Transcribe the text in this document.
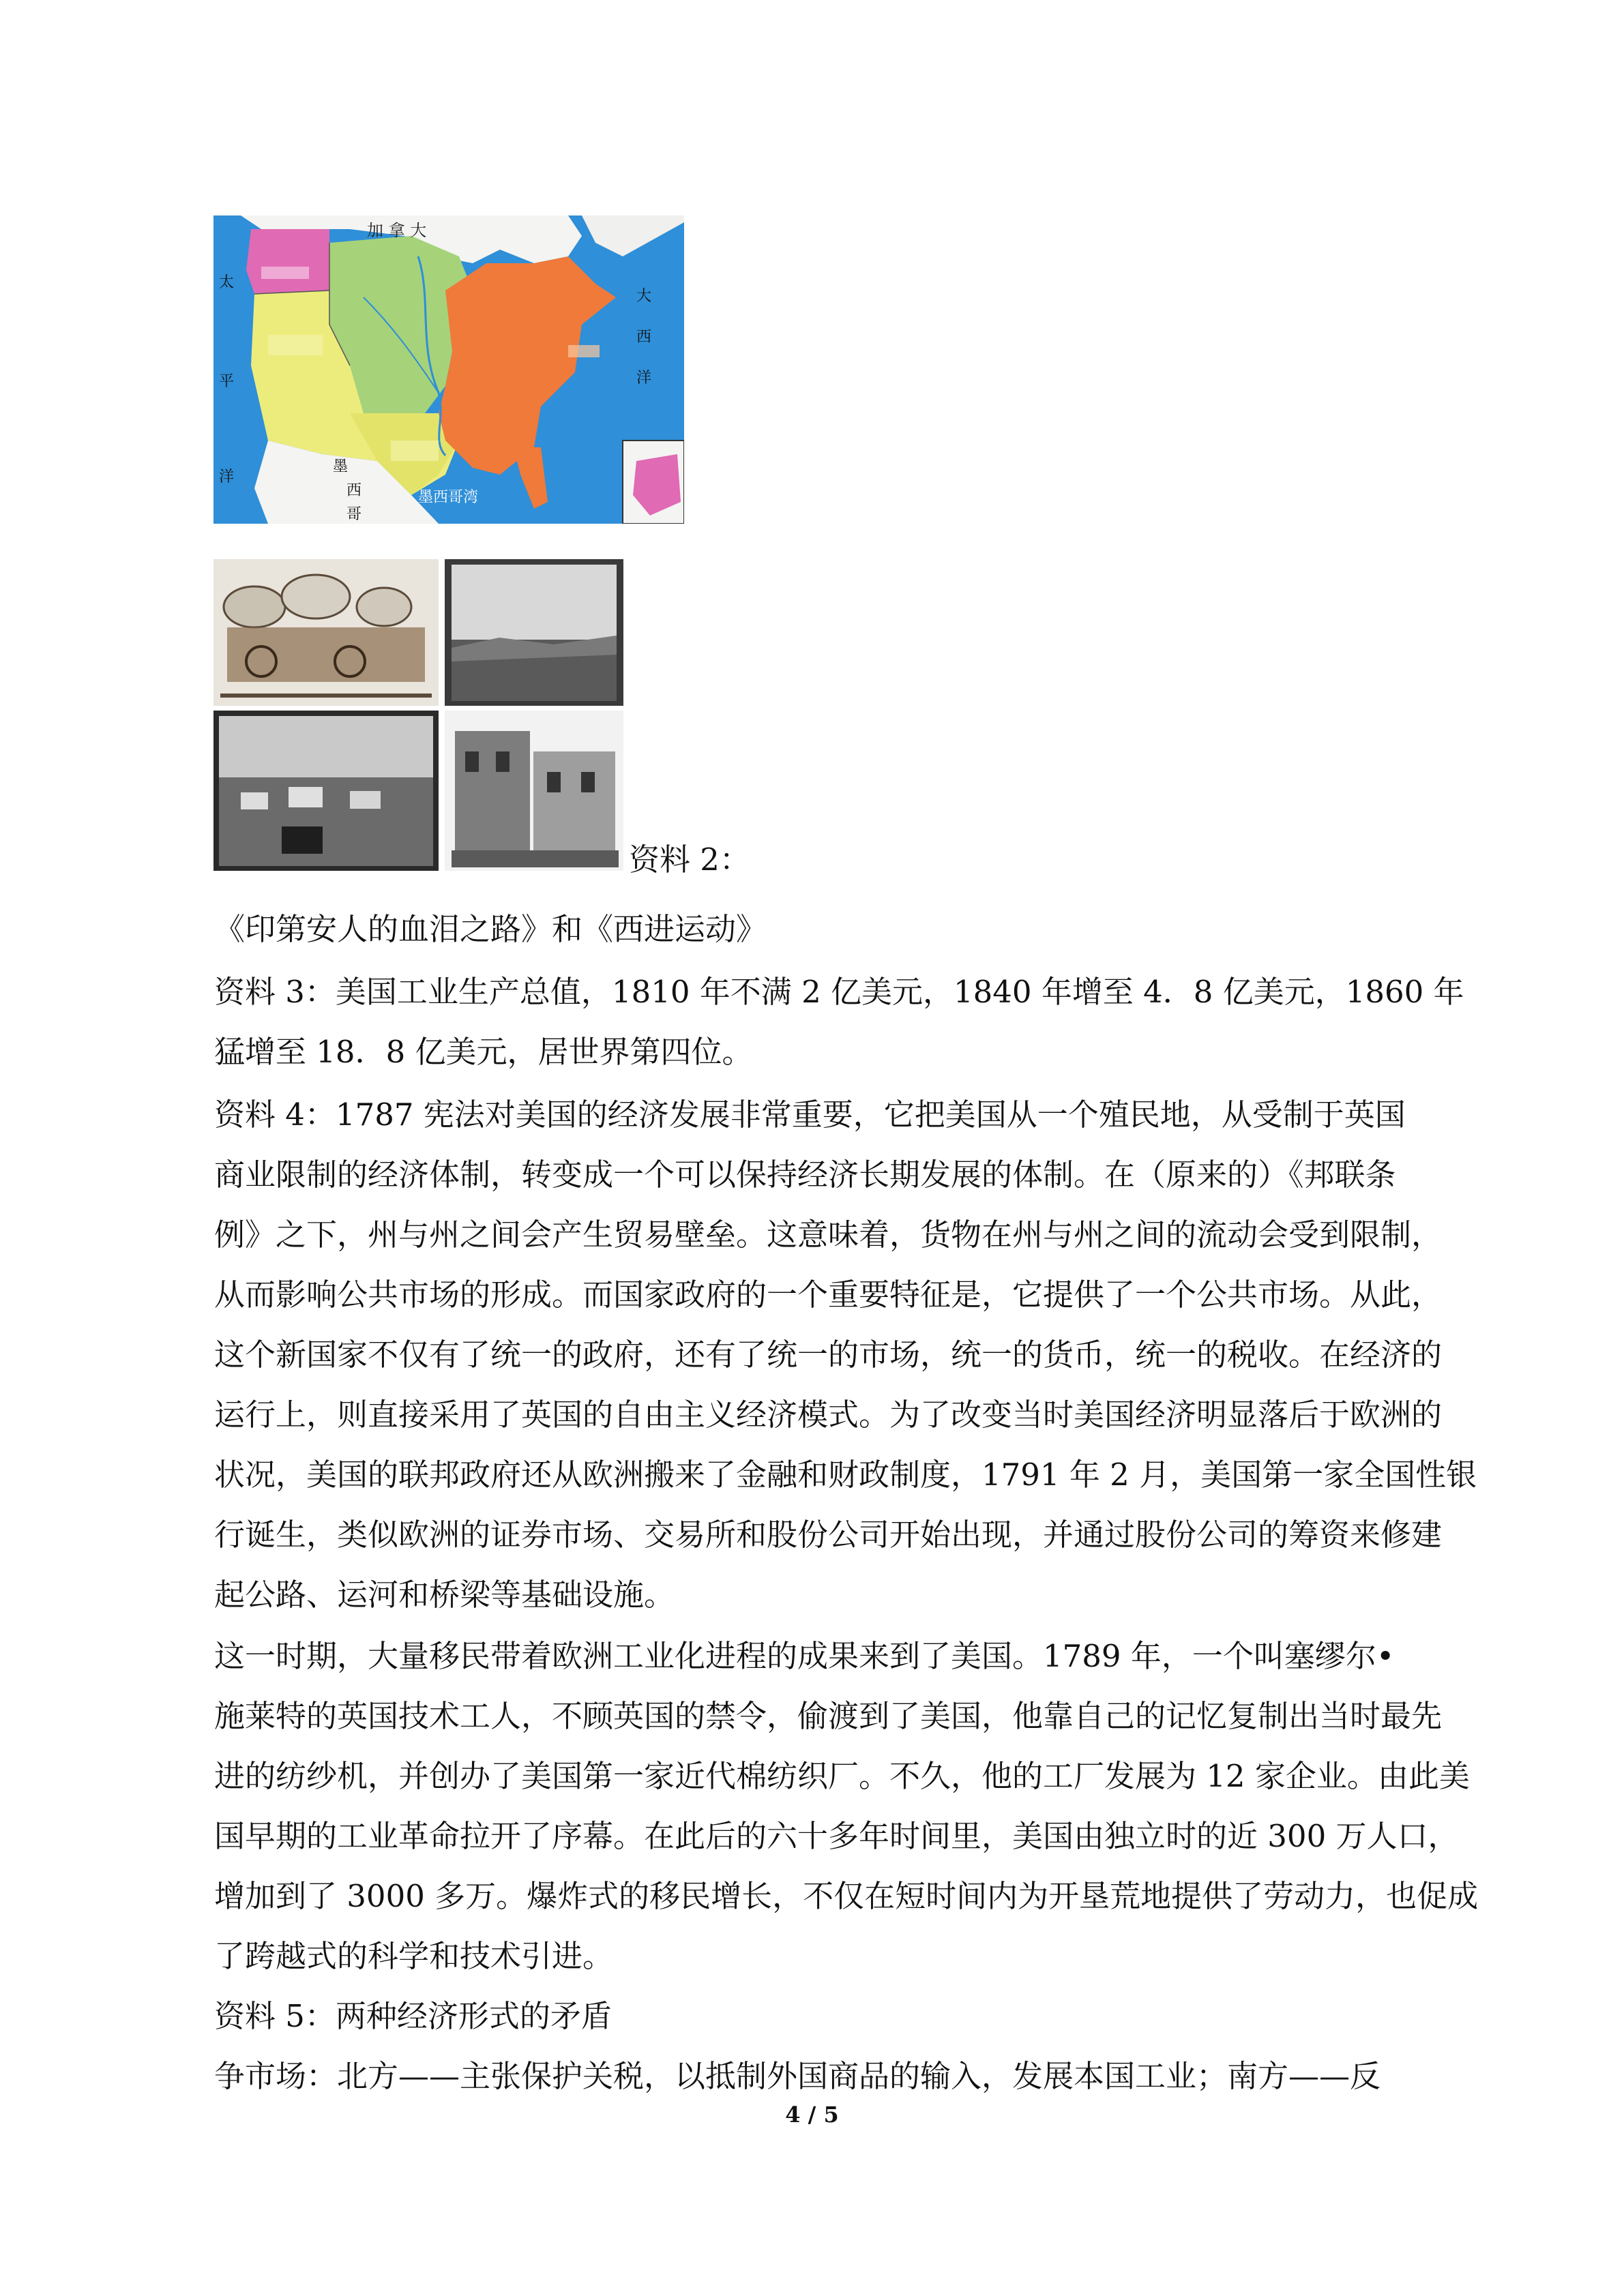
加 拿 大
太
平
洋
大
西
洋
墨
西
哥
墨西哥湾
资料 2：
《印第安人的血泪之路》和《西进运动》
资料 3：美国工业生产总值，1810 年不满 2 亿美元，1840 年增至 4．8 亿美元，1860 年
猛增至 18．8 亿美元，居世界第四位。
资料 4：1787 宪法对美国的经济发展非常重要，它把美国从一个殖民地，从受制于英国
商业限制的经济体制，转变成一个可以保持经济长期发展的体制。在（原来的）《邦联条
例》之下，州与州之间会产生贸易壁垒。这意味着，货物在州与州之间的流动会受到限制，
从而影响公共市场的形成。而国家政府的一个重要特征是，它提供了一个公共市场。从此，
这个新国家不仅有了统一的政府，还有了统一的市场，统一的货币，统一的税收。在经济的
运行上，则直接采用了英国的自由主义经济模式。为了改变当时美国经济明显落后于欧洲的
状况，美国的联邦政府还从欧洲搬来了金融和财政制度，1791 年 2 月，美国第一家全国性银
行诞生，类似欧洲的证券市场、交易所和股份公司开始出现，并通过股份公司的筹资来修建
起公路、运河和桥梁等基础设施。
这一时期，大量移民带着欧洲工业化进程的成果来到了美国。1789 年，一个叫塞缪尔•
施莱特的英国技术工人，不顾英国的禁令，偷渡到了美国，他靠自己的记忆复制出当时最先
进的纺纱机，并创办了美国第一家近代棉纺织厂。不久，他的工厂发展为 12 家企业。由此美
国早期的工业革命拉开了序幕。在此后的六十多年时间里，美国由独立时的近 300 万人口，
增加到了 3000 多万。爆炸式的移民增长，不仅在短时间内为开垦荒地提供了劳动力，也促成
了跨越式的科学和技术引进。
资料 5：两种经济形式的矛盾
争市场：北方——主张保护关税，以抵制外国商品的输入，发展本国工业；南方——反
4 / 5
